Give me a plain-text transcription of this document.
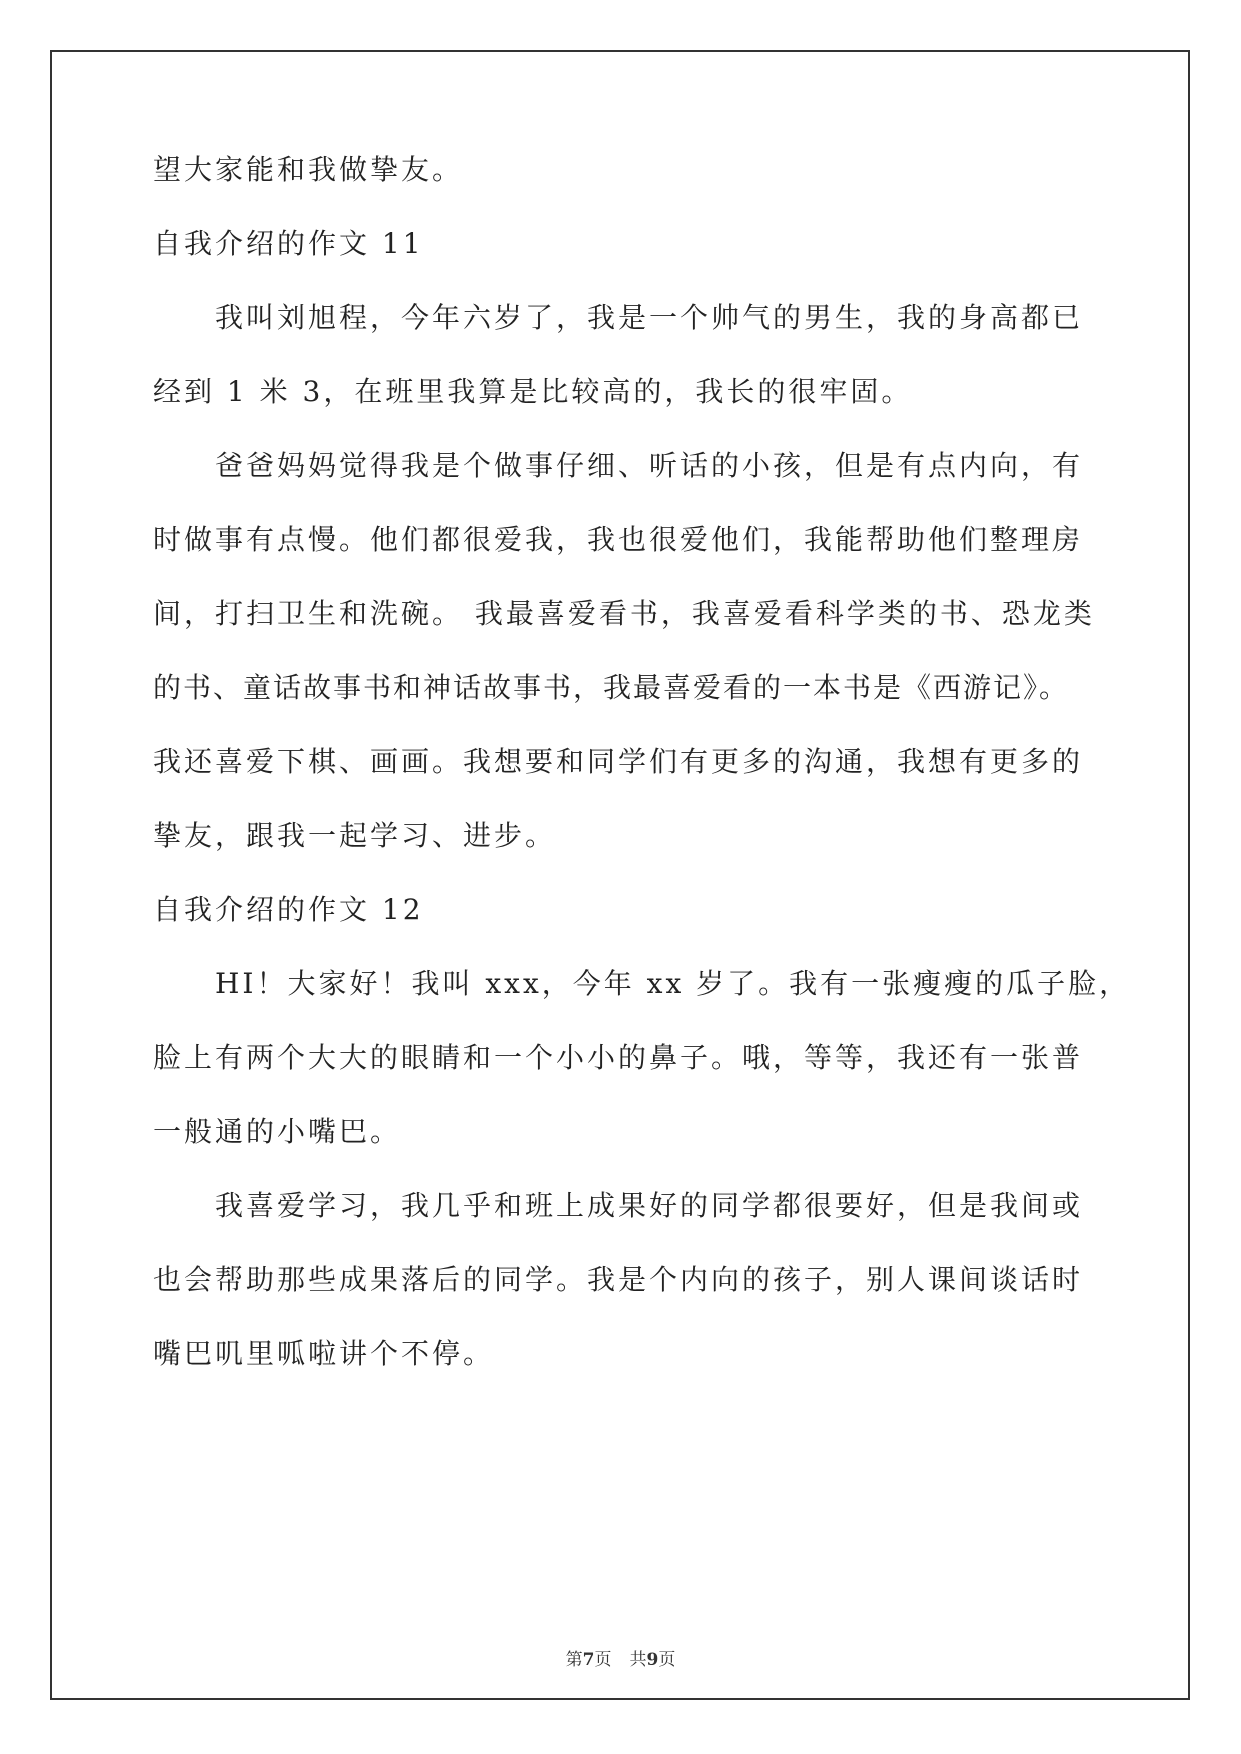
望大家能和我做挚友。
自我介绍的作文 11
我叫刘旭程，今年六岁了，我是一个帅气的男生，我的身高都已
经到 1 米 3，在班里我算是比较高的，我长的很牢固。
爸爸妈妈觉得我是个做事仔细、听话的小孩，但是有点内向，有
时做事有点慢。他们都很爱我，我也很爱他们，我能帮助他们整理房
间，打扫卫生和洗碗。 我最喜爱看书，我喜爱看科学类的书、恐龙类
的书、童话故事书和神话故事书，我最喜爱看的一本书是《西游记》。
我还喜爱下棋、画画。我想要和同学们有更多的沟通，我想有更多的
挚友，跟我一起学习、进步。
自我介绍的作文 12
HI！大家好！我叫 xxx，今年 xx 岁了。我有一张瘦瘦的瓜子脸，
脸上有两个大大的眼睛和一个小小的鼻子。哦，等等，我还有一张普
一般通的小嘴巴。
我喜爱学习，我几乎和班上成果好的同学都很要好，但是我间或
也会帮助那些成果落后的同学。我是个内向的孩子，别人课间谈话时
嘴巴叽里呱啦讲个不停。
第7页 共9页
